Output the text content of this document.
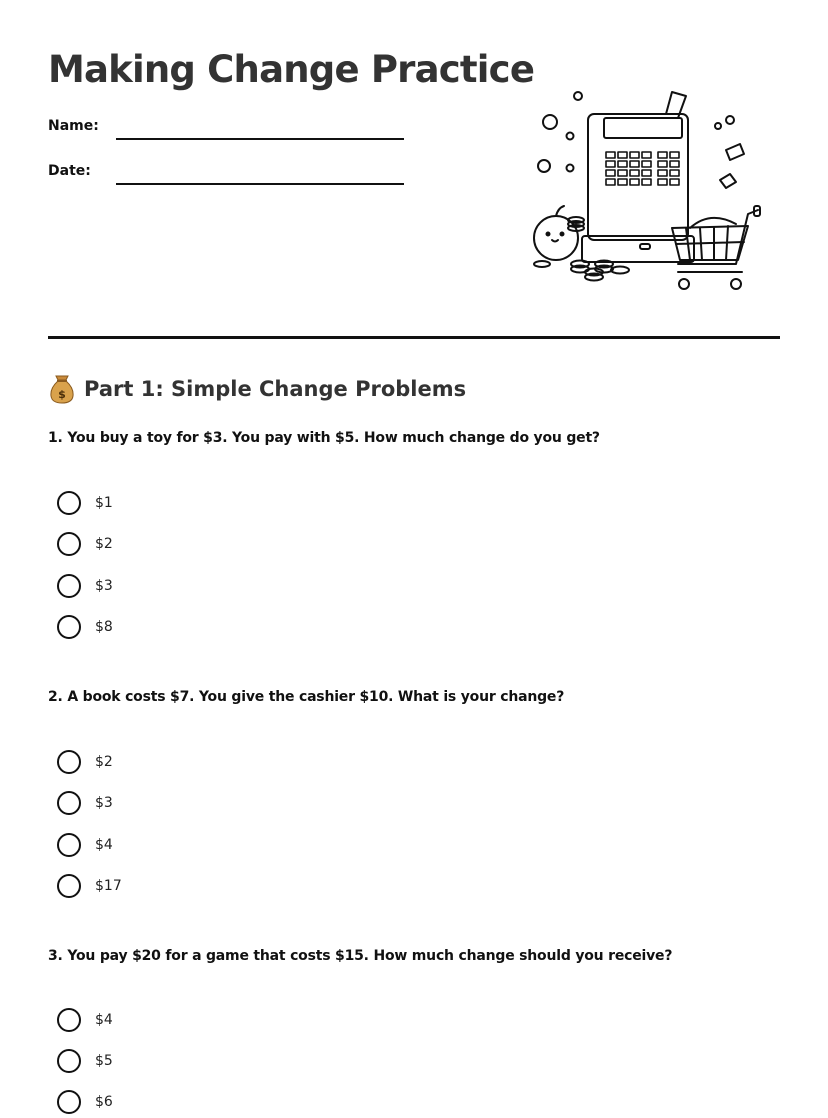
Making Change Practice
Name:
Date:
$ Part 1: Simple Change Problems
1. You buy a toy for $3. You pay with $5. How much change do you get?
$1
$2
$3
$8
2. A book costs $7. You give the cashier $10. What is your change?
$2
$3
$4
$17
3. You pay $20 for a game that costs $15. How much change should you receive?
$4
$5
$6
